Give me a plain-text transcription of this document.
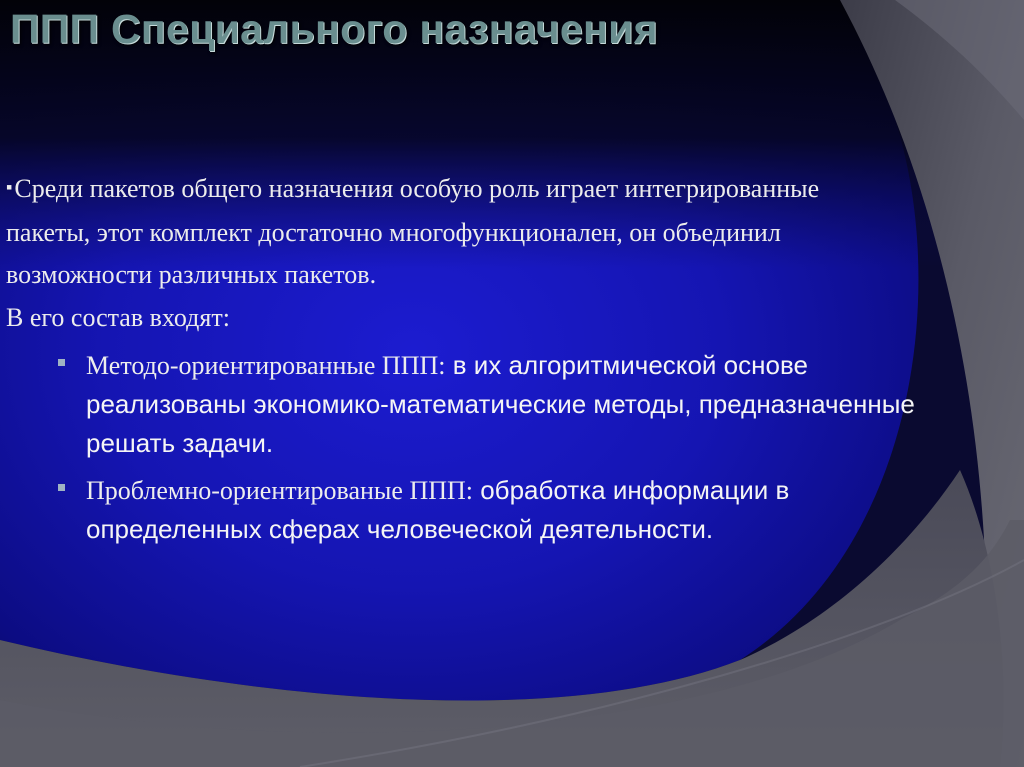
ППП Специального назначения

▪Среди пакетов общего назначения особую роль играет интегрированные пакеты, этот комплект достаточно многофункционален, он объединил возможности различных пакетов.

В его состав входят:

Методо-ориентированные ППП: в их алгоритмической основе реализованы экономико-математические методы, предназначенные решать задачи.
Проблемно-ориентированые ППП: обработка информации в определенных сферах человеческой деятельности.
